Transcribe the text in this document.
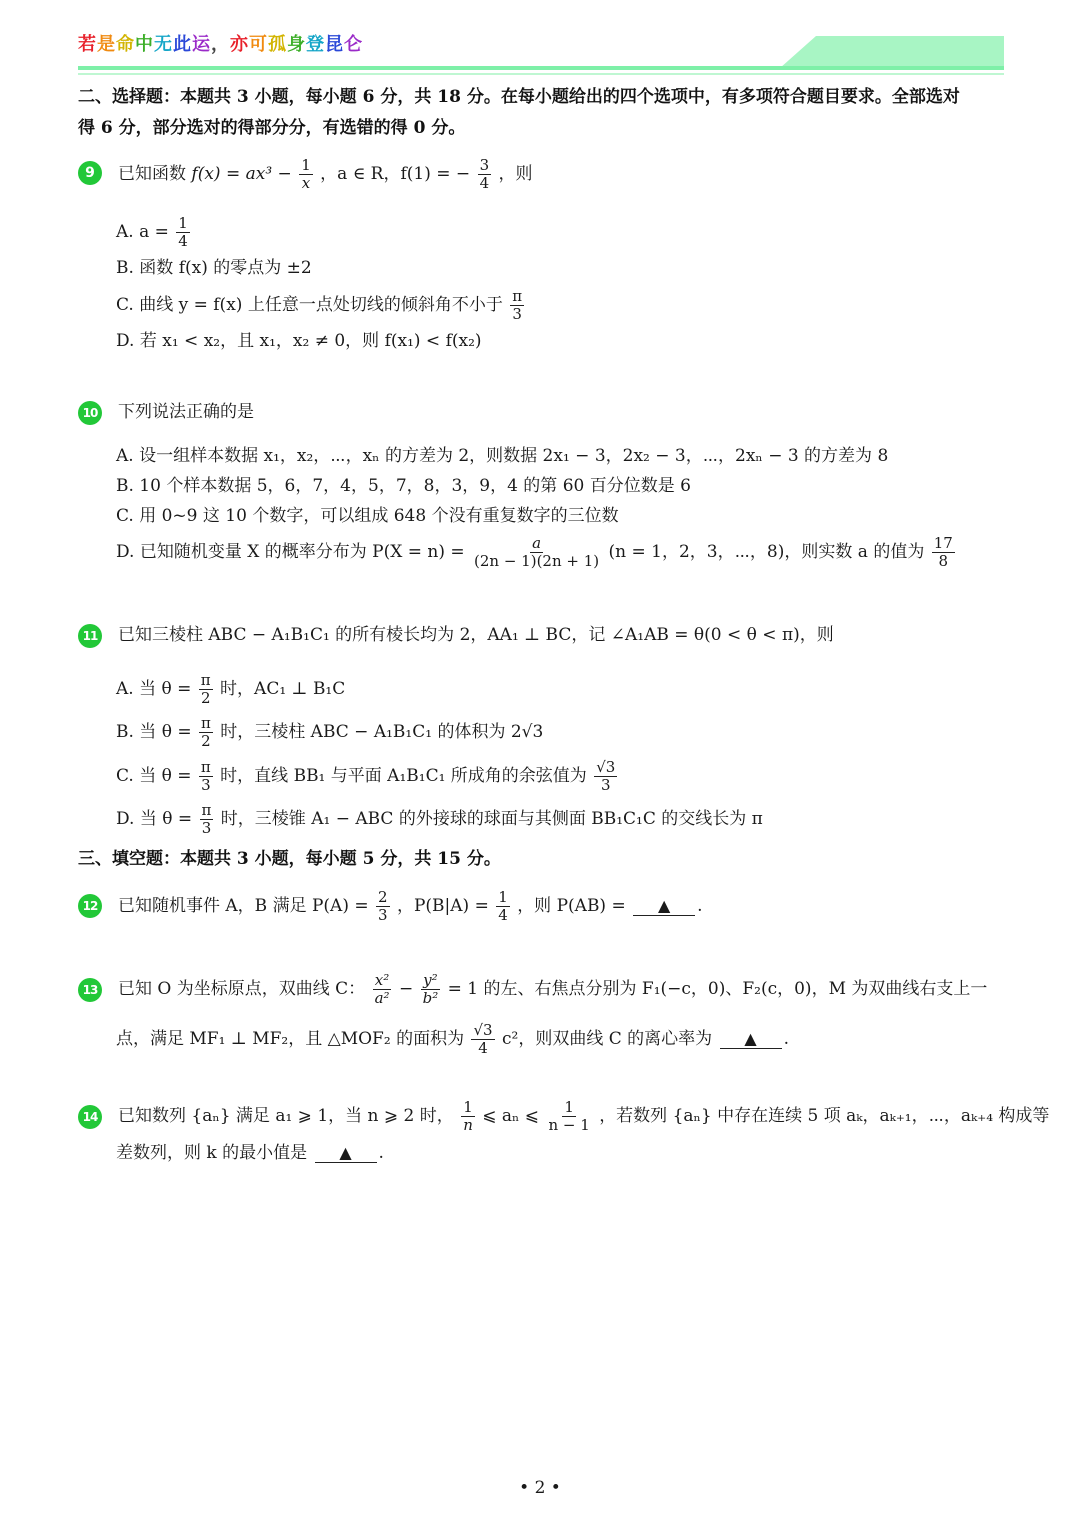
若是命中无此运，亦可孤身登昆仑
二、选择题：本题共 3 小题，每小题 6 分，共 18 分。在每小题给出的四个选项中，有多项符合题目要求。全部选对
得 6 分，部分选对的得部分分，有选错的得 0 分。
9	已知函数 $f(x) = ax^3 - \frac{1}{x}$ ，a ∈ R，f(1) = − $\frac{3}{4}$ ，则
A. $a = \frac{1}{4}$
B. 函数 f(x) 的零点为 ±2
C. 曲线 y = f(x) 上任意一点处切线的倾斜角不小于 $\frac{\pi}{3}$
D. 若 x₁ < x₂，且 x₁，x₂ ≠ 0，则 f(x₁) < f(x₂)
10 下列说法正确的是
A. 设一组样本数据 x₁，x₂，⋯，xₙ 的方差为 2，则数据 2x₁ − 3，2x₂ − 3，⋯，2xₙ − 3 的方差为 8
B. 10 个样本数据 5，6，7，4，5，7，8，3，9，4 的第 60 百分位数是 6
C. 用 0~9 这 10 个数字，可以组成 648 个没有重复数字的三位数
D. 已知随机变量 X 的概率分布为 $P(X = n) = \frac{a}{(2n - 1)(2n + 1)} (n = 1$，2，3，⋯，8)，则实数 a 的值为 $\frac{17}{8}$
11 已知三棱柱 ABC − A₁B₁C₁ 的所有棱长均为 2，AA₁ ⊥ BC，记 ∠A₁AB = θ(0 < θ < π)，则
A. 当 $\theta = \frac{\pi}{2}$ 时，AC₁ ⊥ B₁C
B. 当 $\theta = \frac{\pi}{2}$ 时，三棱柱 ABC − A₁B₁C₁ 的体积为 2√3
C. 当 $\theta = \frac{\pi}{3}$ 时，直线 BB₁ 与平面 A₁B₁C₁ 所成角的余弦值为 $\frac{√3}{3}$
D. 当 $\theta = \frac{\pi}{3}$ 时，三棱锥 A₁ − ABC 的外接球的球面与其侧面 BB₁C₁C 的交线长为 π
三、填空题：本题共 3 小题，每小题 5 分，共 15 分。
12 已知随机事件 A，B 满足 $P(A) = \frac{2}{3}$ ，$P(B|A) = \frac{1}{4}$ ，则 P(AB) = ▲ .
13 已知 O 为坐标原点，双曲线 C： $\frac{\text{x²}}{\text{a²}} - \frac{\text{y²}}{\text{b²}} = 1$ 的左、右焦点分别为 F₁(−c，0)、F₂(c，0)，M 为双曲线右支上一
点，满足 MF₁ ⊥ MF₂，且 △MOF₂ 的面积为 $\frac{√3}{4} c^2$，则双曲线 C 的离心率为 ▲ .
14 已知数列 {aₙ} 满足 a₁ ⩾ 1，当 n ⩾ 2 时， $\frac{1}{n}$ ⩽ aₙ ⩽ $\frac{1}{n - 1}$ ，若数列 {aₙ} 中存在连续 5 项 aₖ，aₖ₊₁，⋯，aₖ₊₄ 构成等
差数列，则 k 的最小值是 ▲ .
• 2 •
